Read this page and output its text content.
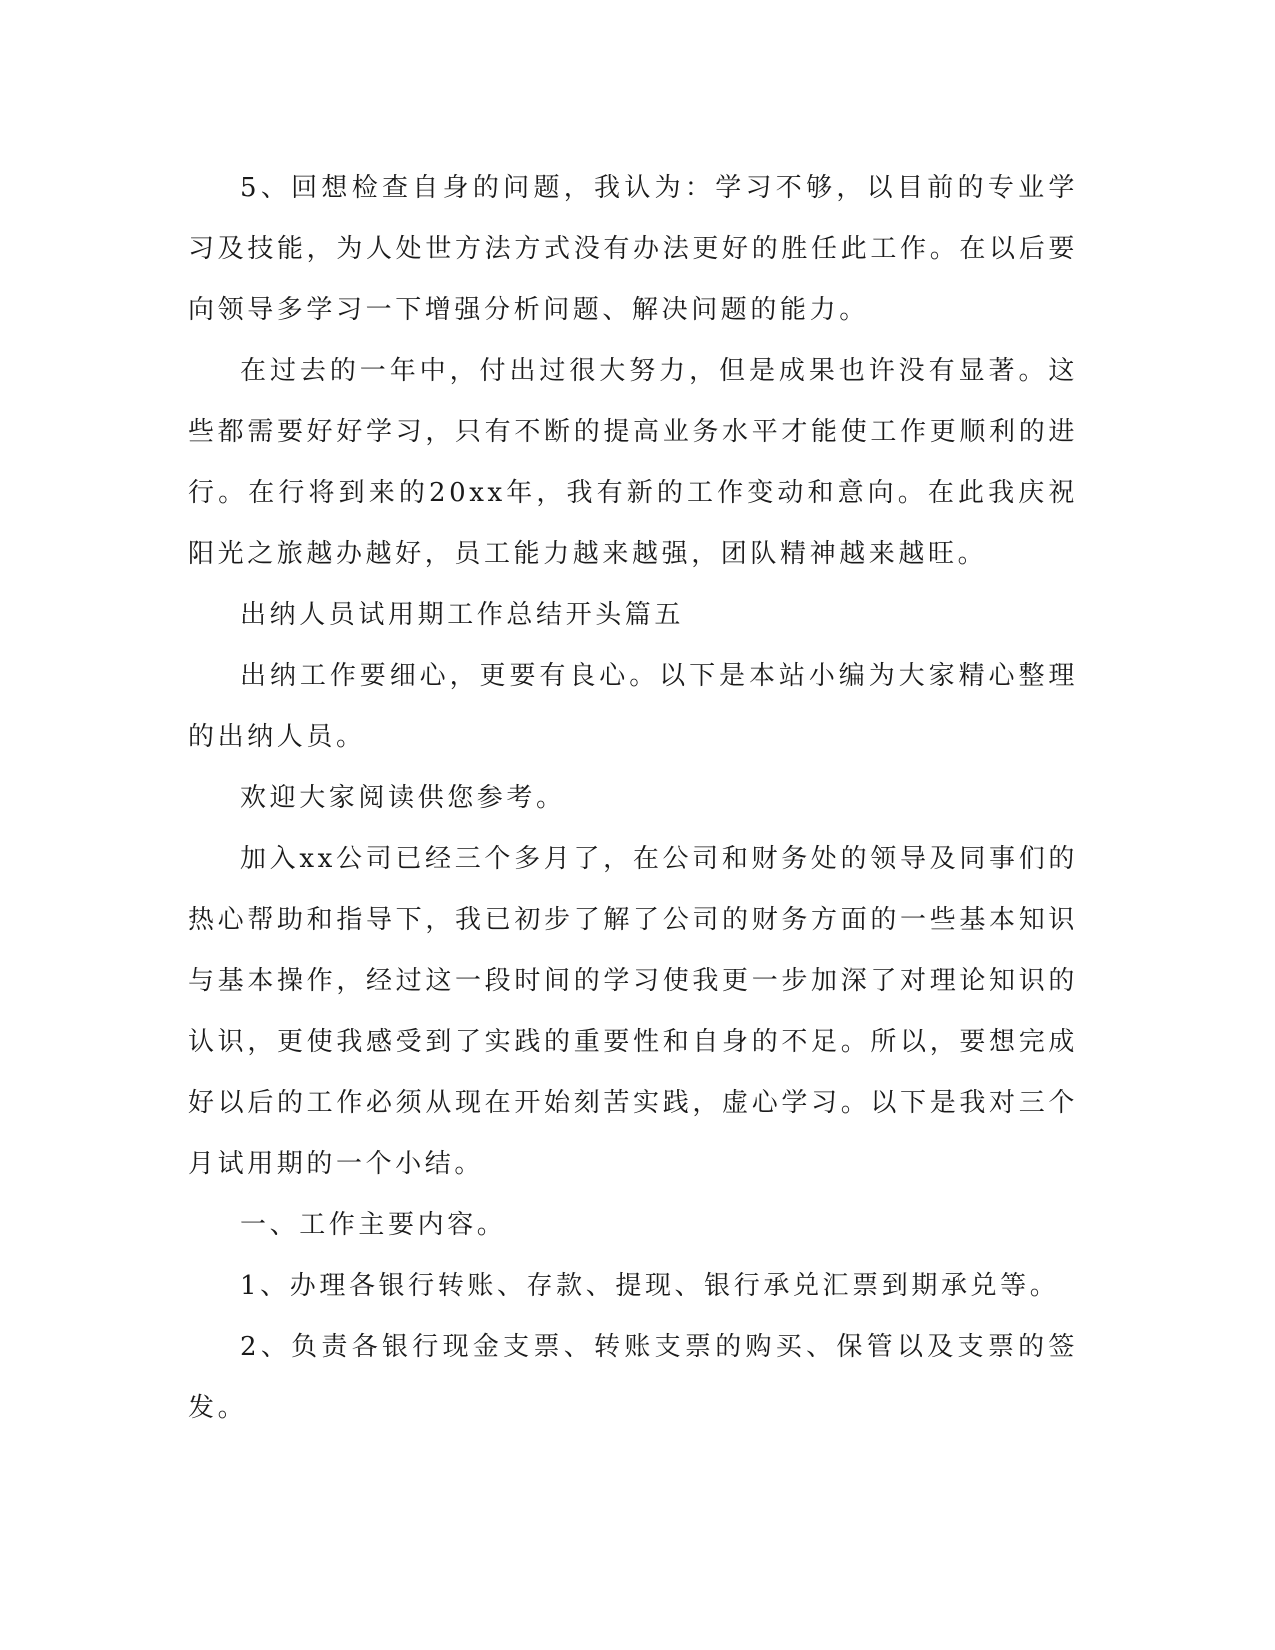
5、回想检查自身的问题，我认为：学习不够，以目前的专业学习及技能，为人处世方法方式没有办法更好的胜任此工作。在以后要向领导多学习一下增强分析问题、解决问题的能力。

在过去的一年中，付出过很大努力，但是成果也许没有显著。这些都需要好好学习，只有不断的提高业务水平才能使工作更顺利的进行。在行将到来的20xx年，我有新的工作变动和意向。在此我庆祝阳光之旅越办越好，员工能力越来越强，团队精神越来越旺。

出纳人员试用期工作总结开头篇五

出纳工作要细心，更要有良心。以下是本站小编为大家精心整理的出纳人员。

欢迎大家阅读供您参考。

加入xx公司已经三个多月了，在公司和财务处的领导及同事们的热心帮助和指导下，我已初步了解了公司的财务方面的一些基本知识与基本操作，经过这一段时间的学习使我更一步加深了对理论知识的认识，更使我感受到了实践的重要性和自身的不足。所以，要想完成好以后的工作必须从现在开始刻苦实践，虚心学习。以下是我对三个月试用期的一个小结。

一、工作主要内容。

1、办理各银行转账、存款、提现、银行承兑汇票到期承兑等。

2、负责各银行现金支票、转账支票的购买、保管以及支票的签发。
